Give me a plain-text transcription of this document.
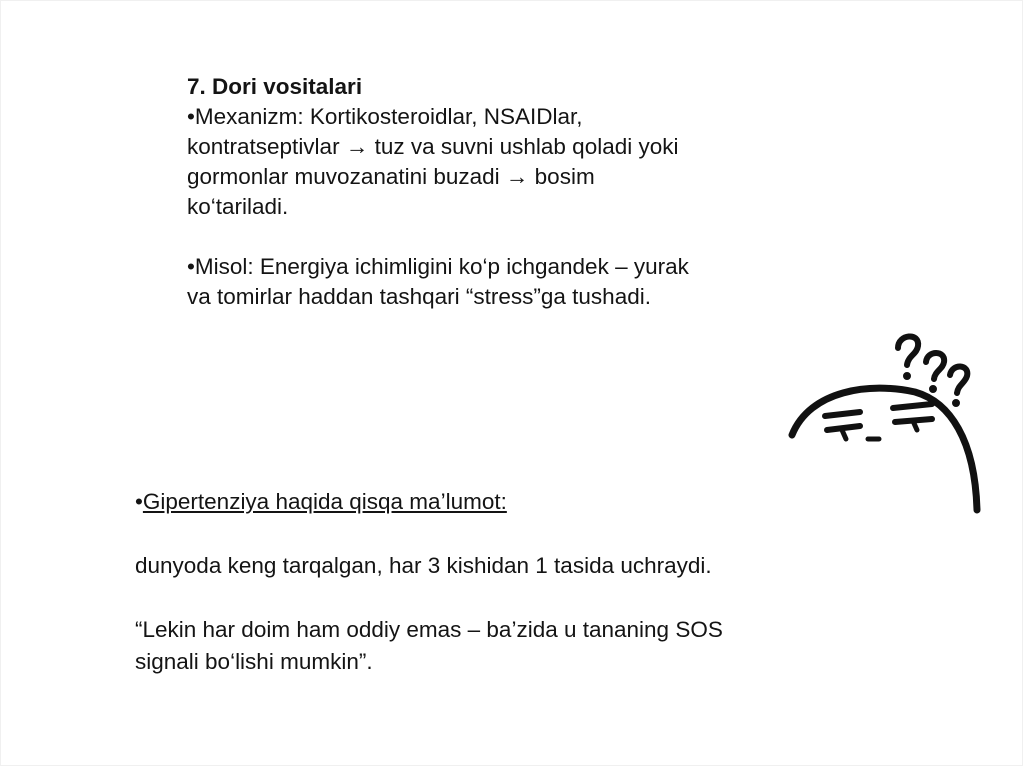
7. Dori vositalari

•Mexanizm: Kortikosteroidlar, NSAIDlar,

kontratseptivlar → tuz va suvni ushlab qoladi yoki

gormonlar muvozanatini buzadi → bosim

ko‘tariladi.

•Misol: Energiya ichimligini ko‘p ichgandek – yurak

va tomirlar haddan tashqari “stress”ga tushadi.

•Gipertenziya haqida qisqa ma’lumot:

dunyoda keng tarqalgan, har 3 kishidan 1 tasida uchraydi.

“Lekin har doim ham oddiy emas – ba’zida u tananing SOS

signali bo‘lishi mumkin”.
